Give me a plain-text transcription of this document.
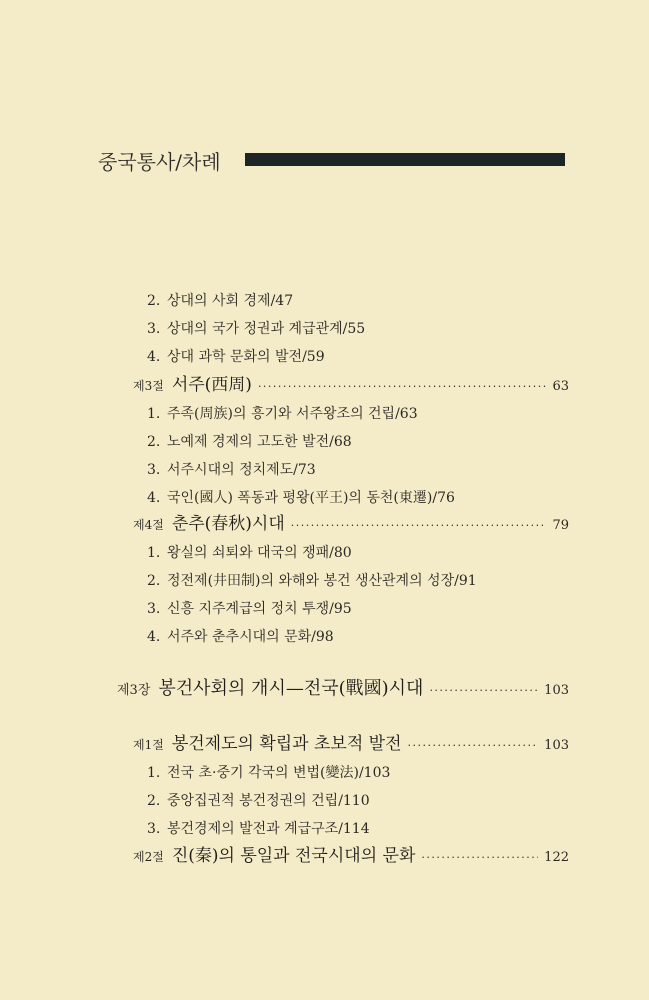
중국통사/차례
2. 상대의 사회 경제/47
3. 상대의 국가 정권과 계급관계/55
4. 상대 과학 문화의 발전/59
제3절 서주(西周) ·····	63
1. 주족(周族)의 흥기와 서주왕조의 건립/63
2. 노예제 경제의 고도한 발전/68
3. 서주시대의 정치제도/73
4. 국인(國人) 폭동과 평왕(平王)의 동천(東遷)/76
제4절 춘추(春秋)시대 ·····	79
1. 왕실의 쇠퇴와 대국의 쟁패/80
2. 정전제(井田制)의 와해와 봉건 생산관계의 성장/91
3. 신흥 지주계급의 정치 투쟁/95
4. 서주와 춘추시대의 문화/98
제3장 봉건사회의 개시—전국(戰國)시대 ·····	103
제1절 봉건제도의 확립과 초보적 발전 ·····	103
1. 전국 초·중기 각국의 변법(變法)/103
2. 중앙집권적 봉건정권의 건립/110
3. 봉건경제의 발전과 계급구조/114
제2절 진(秦)의 통일과 전국시대의 문화 ·····	122
